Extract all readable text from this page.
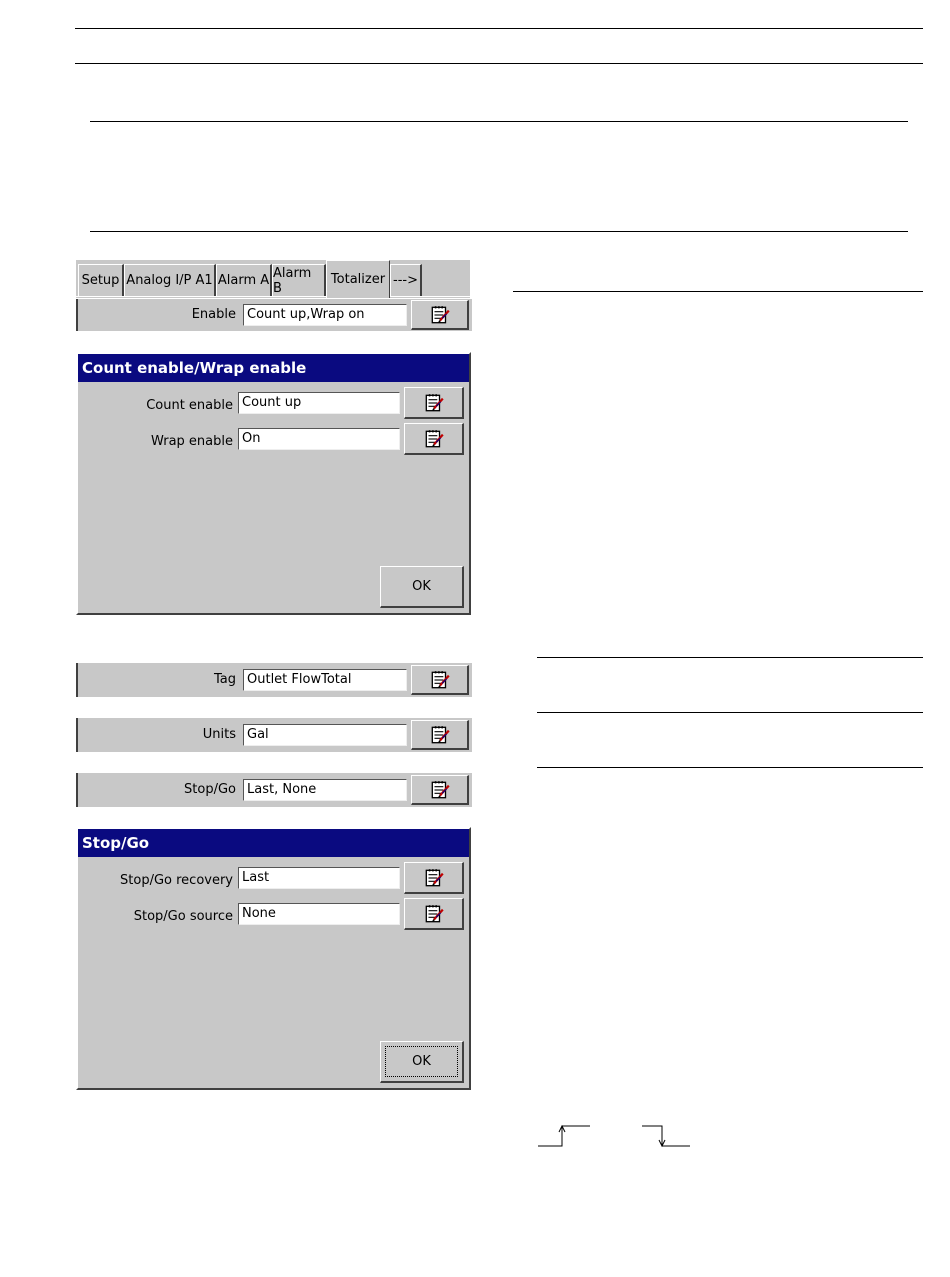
Setup Analog I/P A1 Alarm A Alarm B
Totalizer --->
Enable Count up,Wrap on
Count enable/Wrap enable
Count enable Count up
Wrap enable On
OK
Tag Outlet FlowTotal
Units Gal
Stop/Go Last, None
Stop/Go
Stop/Go recovery Last
Stop/Go source None
OK
